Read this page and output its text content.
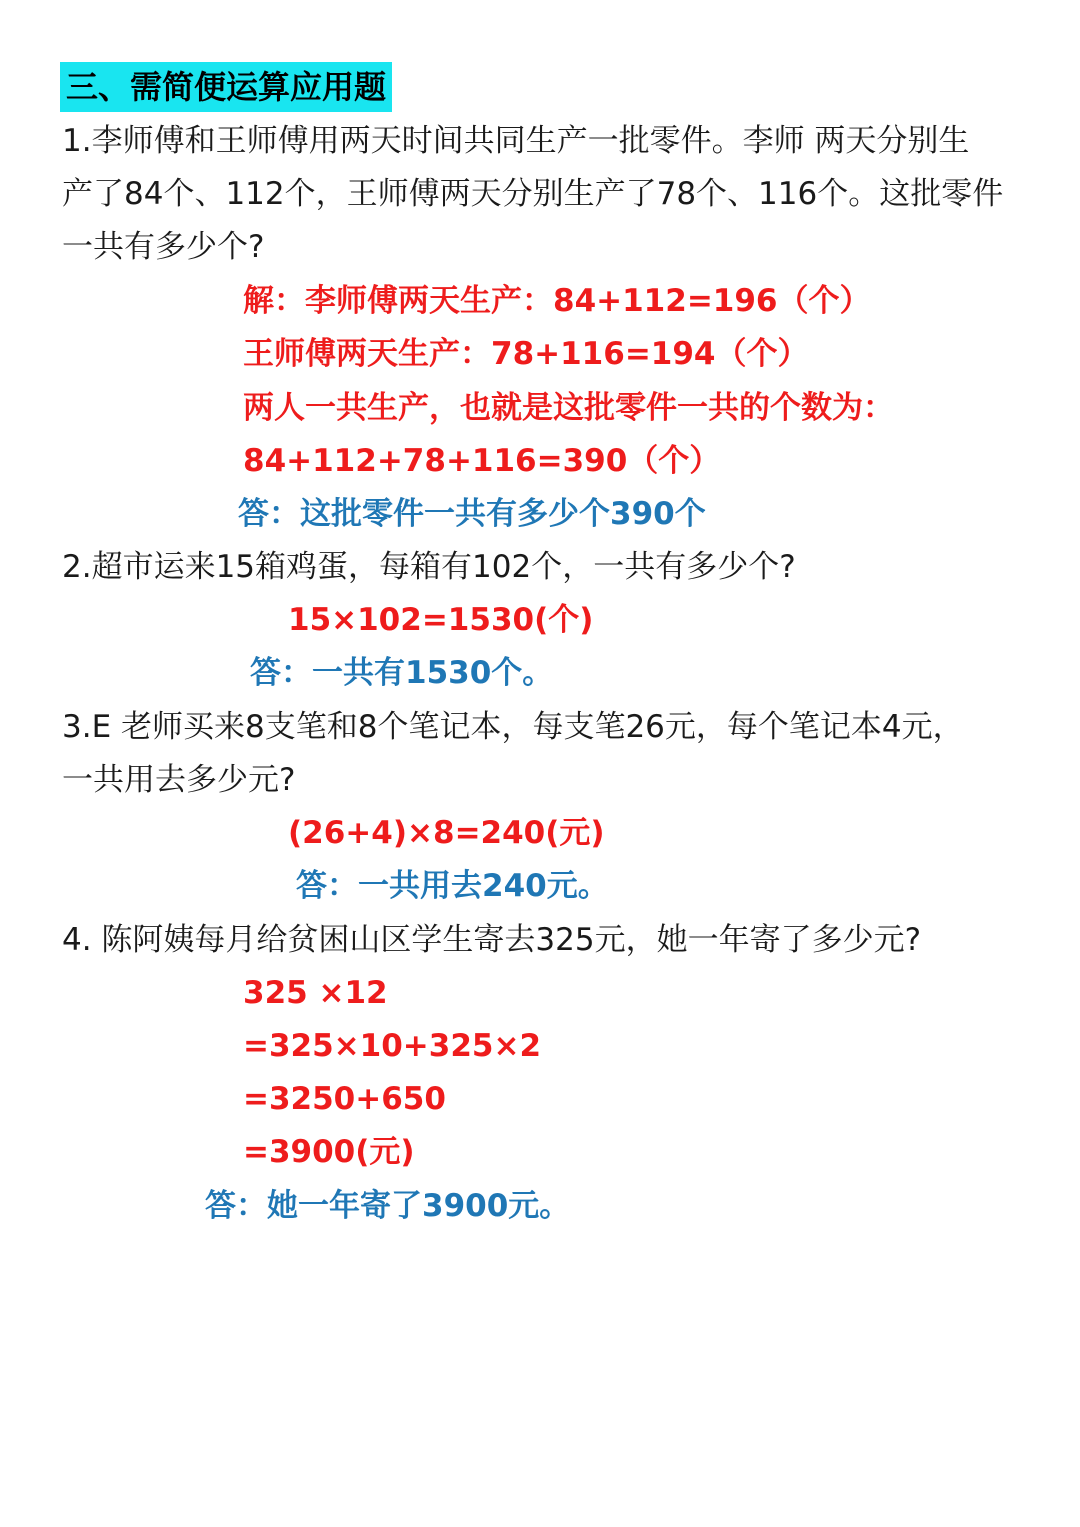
三、需简便运算应用题
1.李师傅和王师傅用两天时间共同生产一批零件。李师 两天分别生
产了84个、112个，王师傅两天分别生产了78个、116个。这批零件
一共有多少个?
解：李师傅两天生产：84+112=196（个）
王师傅两天生产：78+116=194（个）
两人一共生产，也就是这批零件一共的个数为：
84+112+78+116=390（个）
答：这批零件一共有多少个390个
2.超市运来15箱鸡蛋，每箱有102个，一共有多少个?
15×102=1530(个)
答：一共有1530个。
3.E 老师买来8支笔和8个笔记本，每支笔26元，每个笔记本4元，
一共用去多少元?
(26+4)×8=240(元)
答：一共用去240元。
4. 陈阿姨每月给贫困山区学生寄去325元，她一年寄了多少元?
325 ×12
=325×10+325×2
=3250+650
=3900(元)
答：她一年寄了3900元。
